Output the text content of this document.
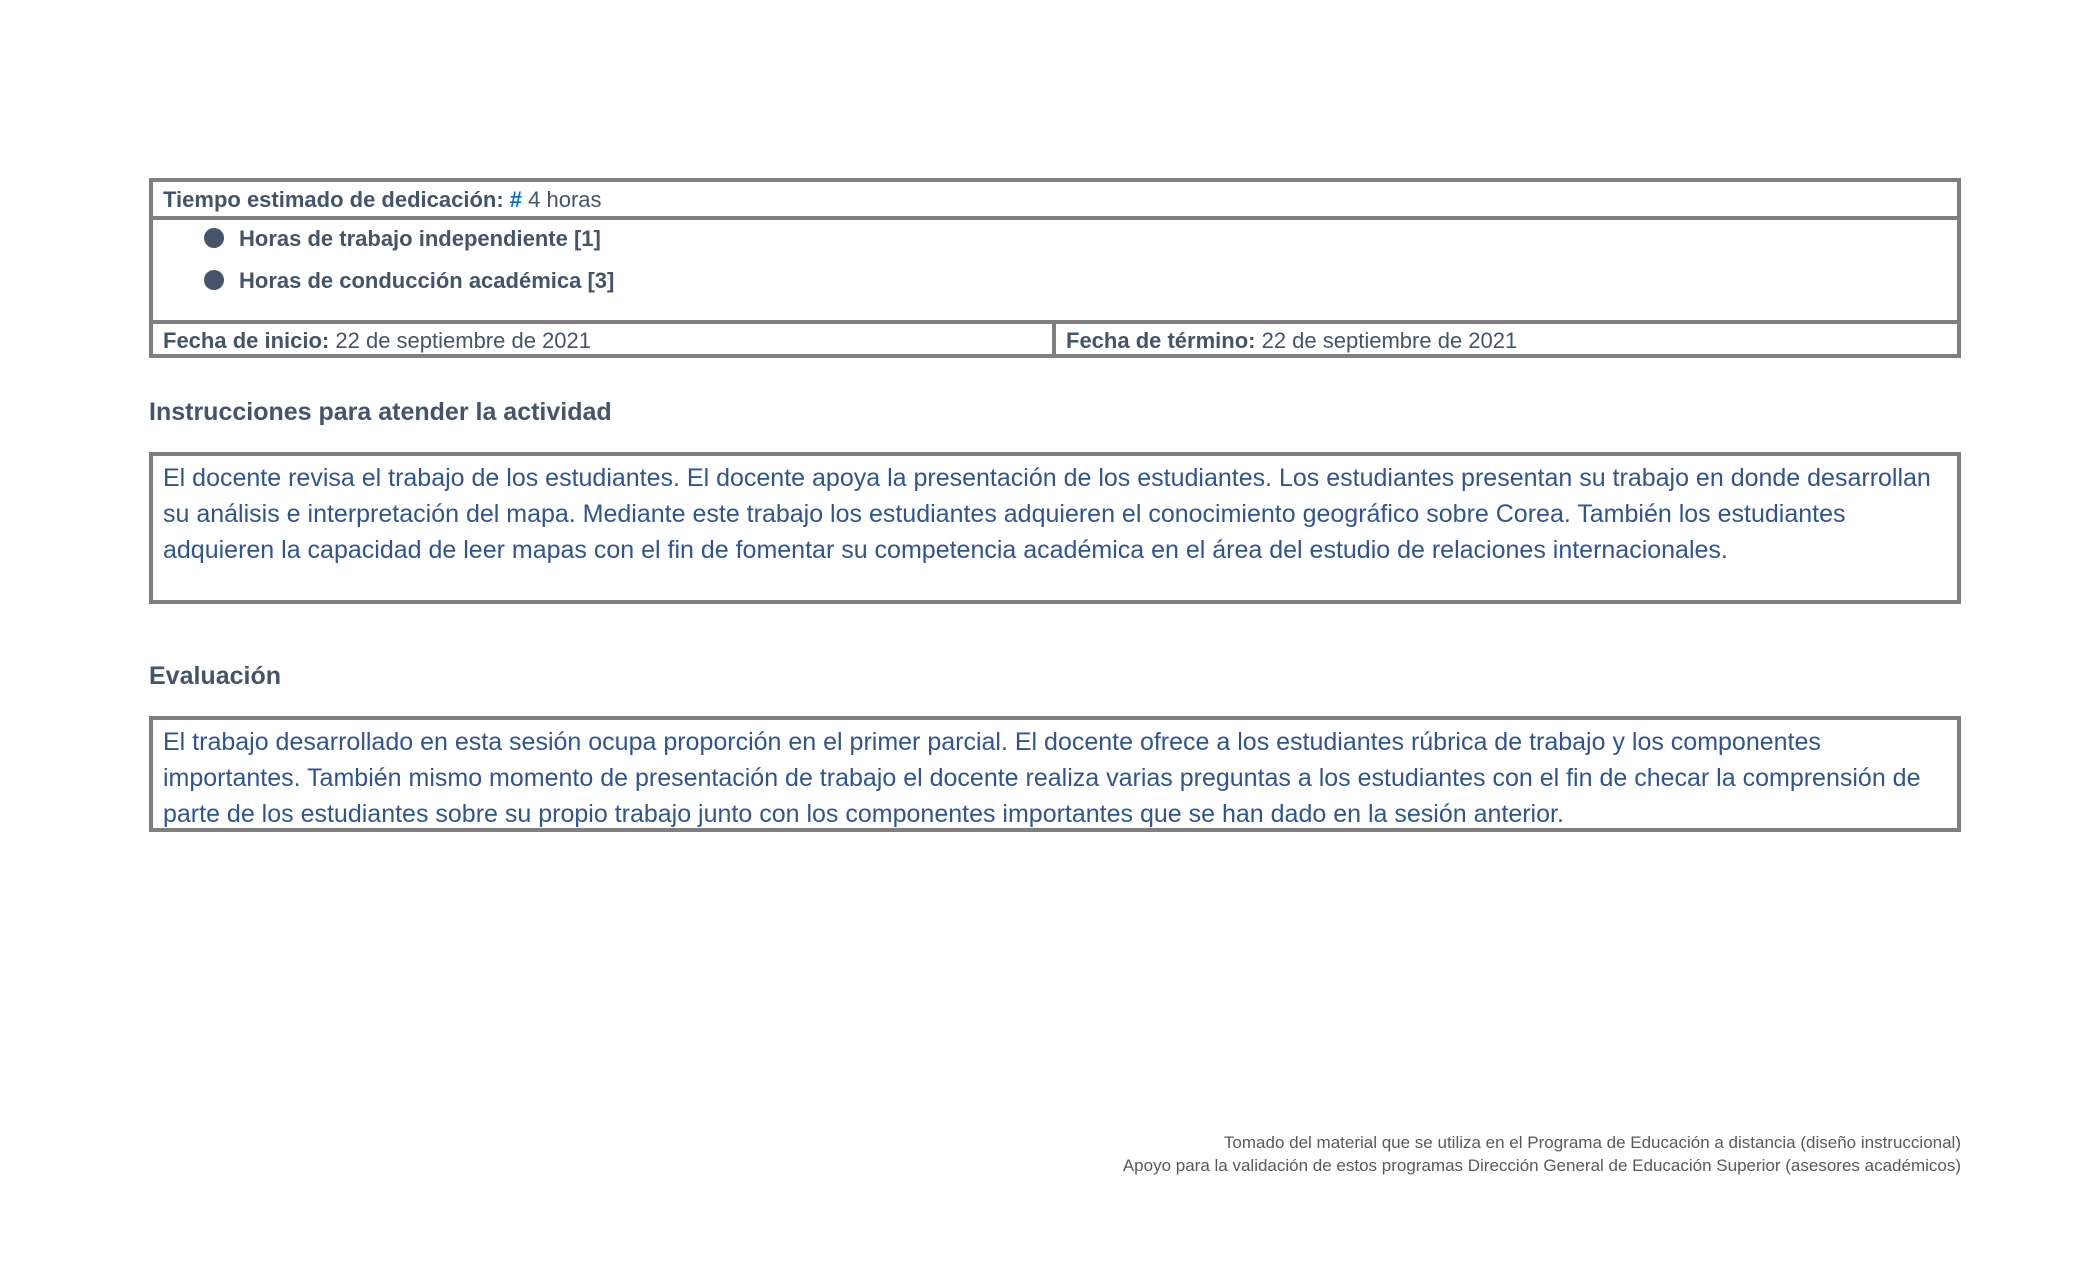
Tiempo estimado de dedicación: # 4 horas
Horas de trabajo independiente [1]
Horas de conducción académica [3]
Fecha de inicio: 22 de septiembre de 2021	Fecha de término: 22 de septiembre de 2021
Instrucciones para atender la actividad
El docente revisa el trabajo de los estudiantes. El docente apoya la presentación de los estudiantes. Los estudiantes presentan su trabajo en donde desarrollan su análisis e interpretación del mapa. Mediante este trabajo los estudiantes adquieren el conocimiento geográfico sobre Corea. También los estudiantes adquieren la capacidad de leer mapas con el fin de fomentar su competencia académica en el área del estudio de relaciones internacionales.
Evaluación
El trabajo desarrollado en esta sesión ocupa proporción en el primer parcial. El docente ofrece a los estudiantes rúbrica de trabajo y los componentes importantes. También mismo momento de presentación de trabajo el docente realiza varias preguntas a los estudiantes con el fin de checar la comprensión de parte de los estudiantes sobre su propio trabajo junto con los componentes importantes que se han dado en la sesión anterior.
Tomado del material que se utiliza en el Programa de Educación a distancia (diseño instruccional)
Apoyo para la validación de estos programas Dirección General de Educación Superior (asesores académicos)
